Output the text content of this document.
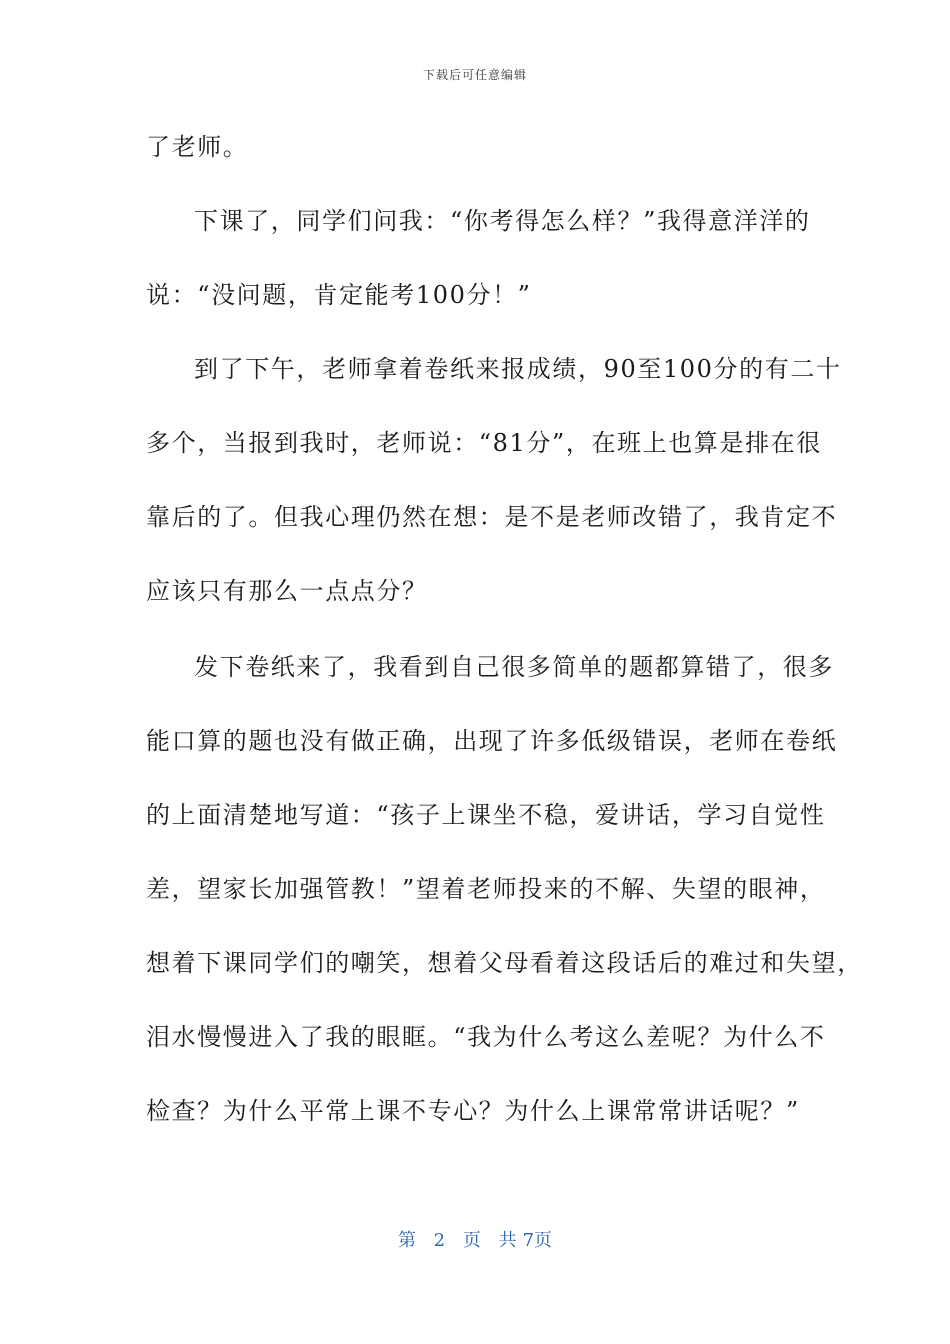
下载后可任意编辑
了老师。
下课了，同学们问我：“你考得怎么样？”我得意洋洋的
说：“没问题，肯定能考100分！”
到了下午，老师拿着卷纸来报成绩，90至100分的有二十
多个，当报到我时，老师说：“81分”，在班上也算是排在很
靠后的了。但我心理仍然在想：是不是老师改错了，我肯定不
应该只有那么一点点分？
发下卷纸来了，我看到自己很多简单的题都算错了，很多
能口算的题也没有做正确，出现了许多低级错误，老师在卷纸
的上面清楚地写道：“孩子上课坐不稳，爱讲话，学习自觉性
差，望家长加强管教！”望着老师投来的不解、失望的眼神，
想着下课同学们的嘲笑，想着父母看着这段话后的难过和失望，
泪水慢慢进入了我的眼眶。“我为什么考这么差呢？为什么不
检查？为什么平常上课不专心？为什么上课常常讲话呢？”
第 2 页 共 7页
